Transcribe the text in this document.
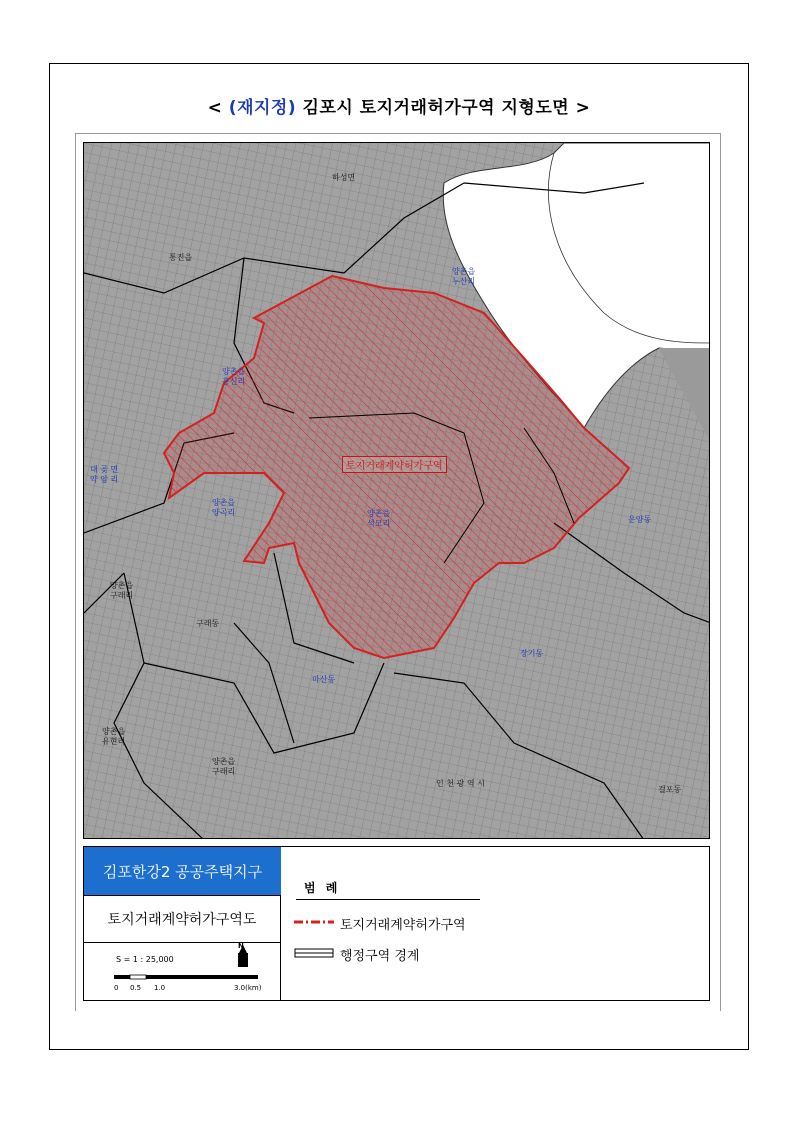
< (재지정) 김포시 토지거래허가구역 지형도면 >
토지거래계약허가구역
하성면
통진읍
양촌읍
누산리
양촌읍
흥신리
대 곶 면
약 암 리
양촌읍
양곡리	양촌읍
석모리	운양동
양촌읍
구래리
구래동
마산동
장기동
양촌읍
유현리
양촌읍
구래리
인 천 광 역 시
걸포동
김포한강2 공공주택지구
토지거래계약허가구역도
S = 1 : 25,000
N
0 0.5 1.0	3.0(km)
범 례
토지거래계약허가구역
행정구역 경계
